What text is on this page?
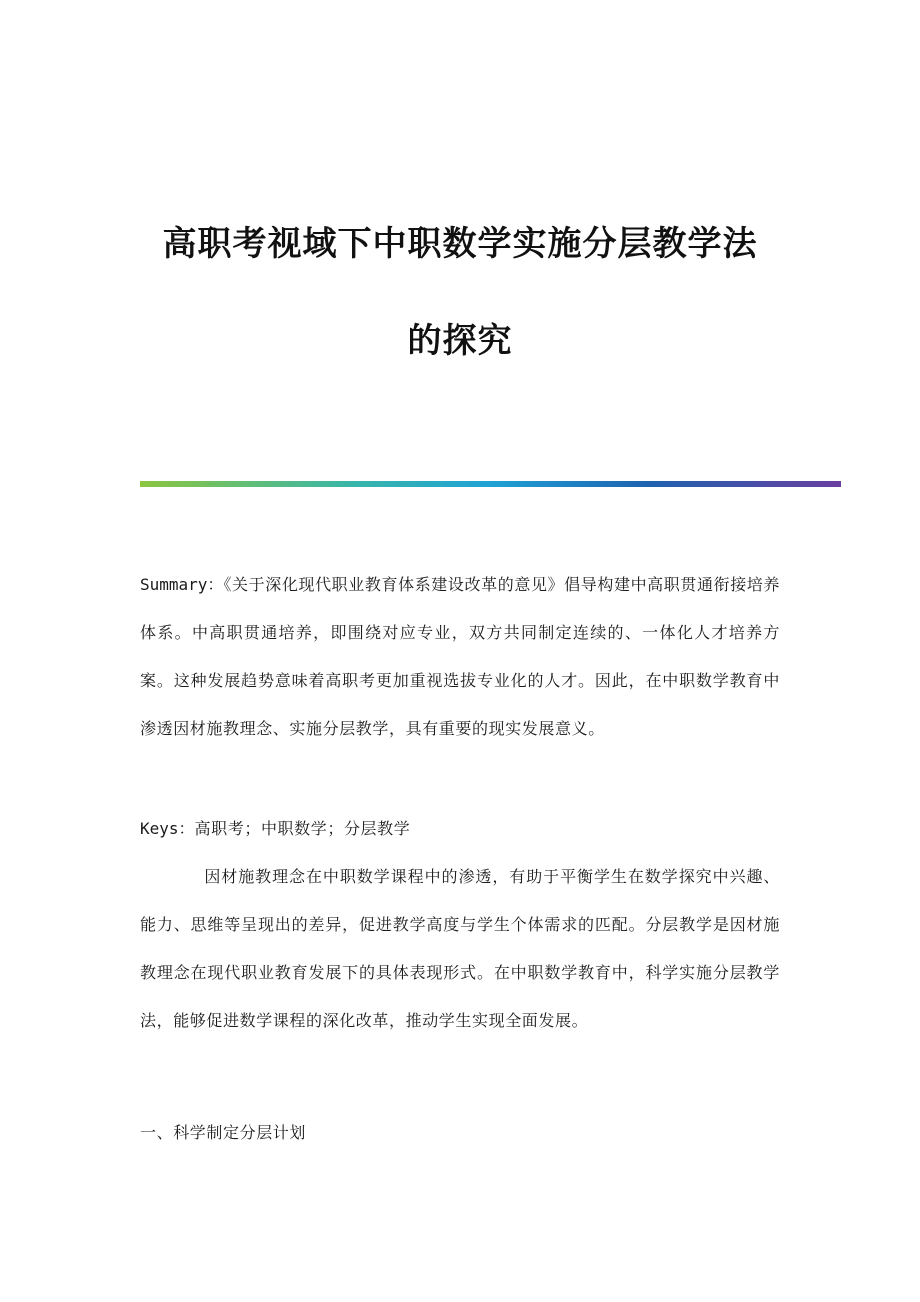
高职考视域下中职数学实施分层教学法
的探究
Summary：《关于深化现代职业教育体系建设改革的意见》倡导构建中高职贯通衔接培养体系。中高职贯通培养，即围绕对应专业，双方共同制定连续的、一体化人才培养方案。这种发展趋势意味着高职考更加重视选拔专业化的人才。因此，在中职数学教育中渗透因材施教理念、实施分层教学，具有重要的现实发展意义。
Keys：高职考；中职数学；分层教学
因材施教理念在中职数学课程中的渗透，有助于平衡学生在数学探究中兴趣、能力、思维等呈现出的差异，促进教学高度与学生个体需求的匹配。分层教学是因材施教理念在现代职业教育发展下的具体表现形式。在中职数学教育中，科学实施分层教学法，能够促进数学课程的深化改革，推动学生实现全面发展。
一、科学制定分层计划
